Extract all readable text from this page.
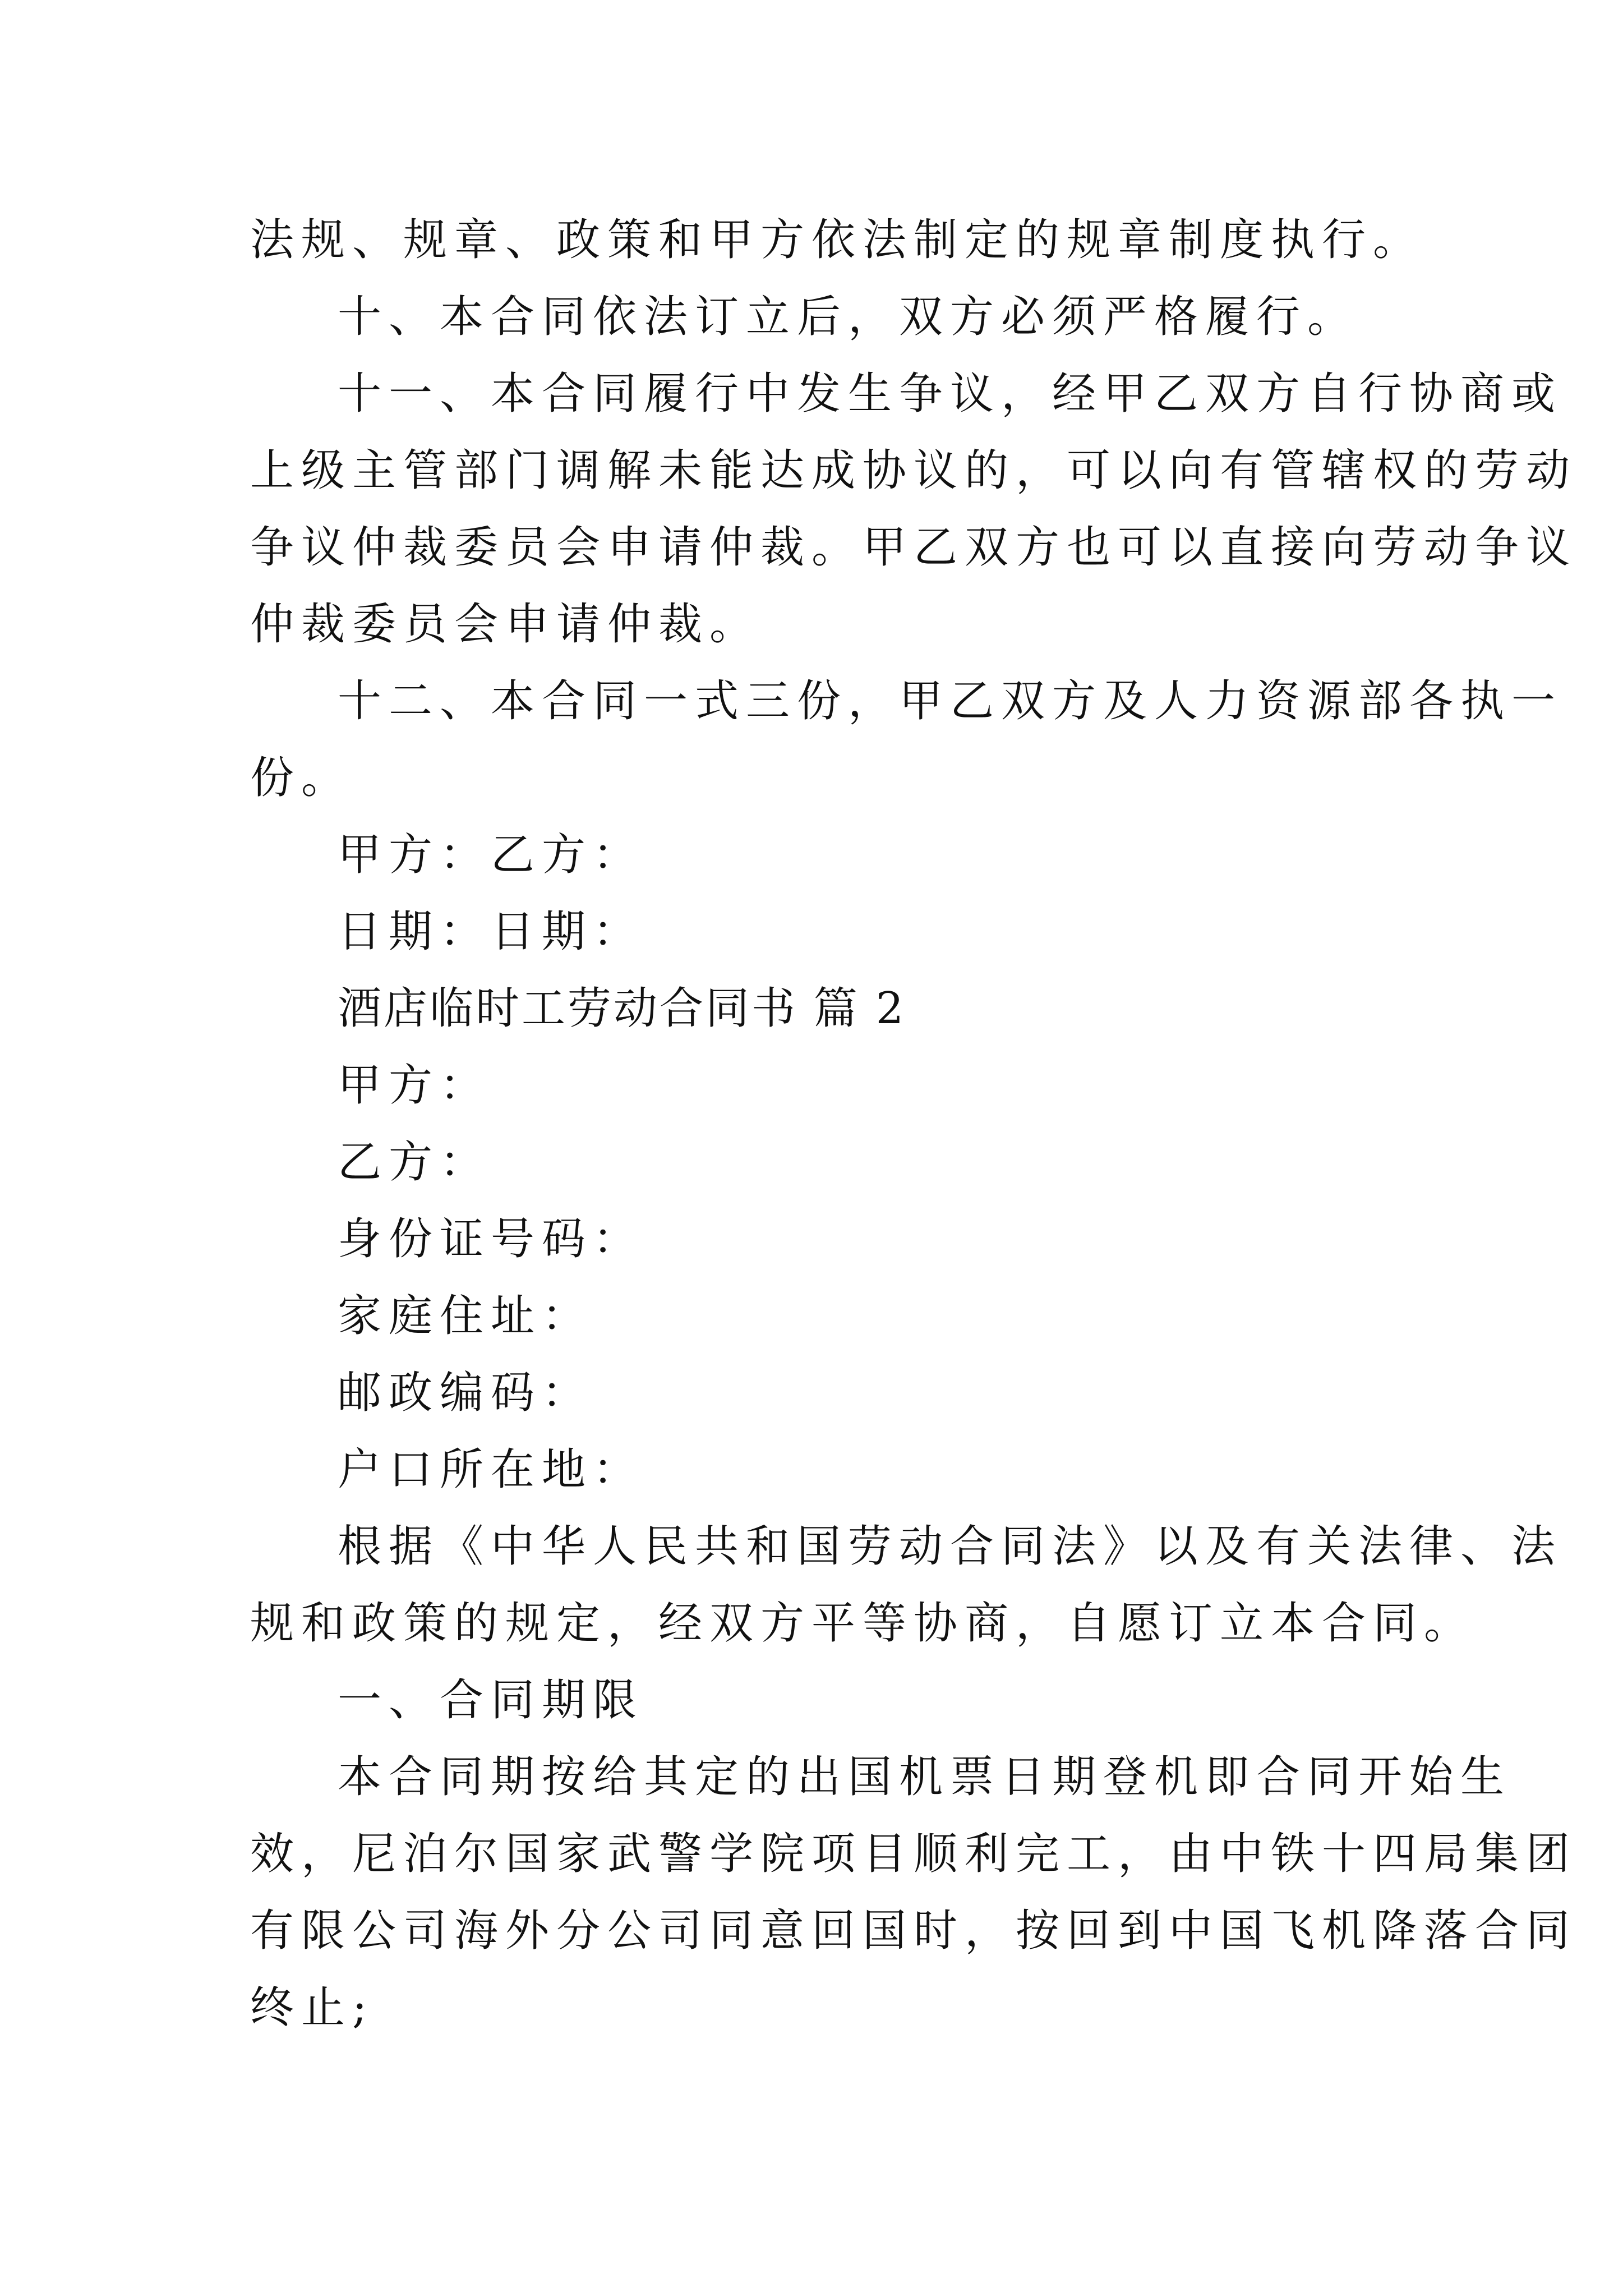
法规、规章、政策和甲方依法制定的规章制度执行。

十、本合同依法订立后，双方必须严格履行。

十一、本合同履行中发生争议，经甲乙双方自行协商或

上级主管部门调解未能达成协议的，可以向有管辖权的劳动

争议仲裁委员会申请仲裁。甲乙双方也可以直接向劳动争议

仲裁委员会申请仲裁。

十二、本合同一式三份，甲乙双方及人力资源部各执一

份。

甲方：乙方：

日期：日期：

酒店临时工劳动合同书 篇 2

甲方：

乙方：

身份证号码：

家庭住址：

邮政编码：

户口所在地：

根据《中华人民共和国劳动合同法》以及有关法律、法

规和政策的规定，经双方平等协商，自愿订立本合同。

一、合同期限

本合同期按给其定的出国机票日期登机即合同开始生

效，尼泊尔国家武警学院项目顺利完工，由中铁十四局集团

有限公司海外分公司同意回国时，按回到中国飞机降落合同

终止;
